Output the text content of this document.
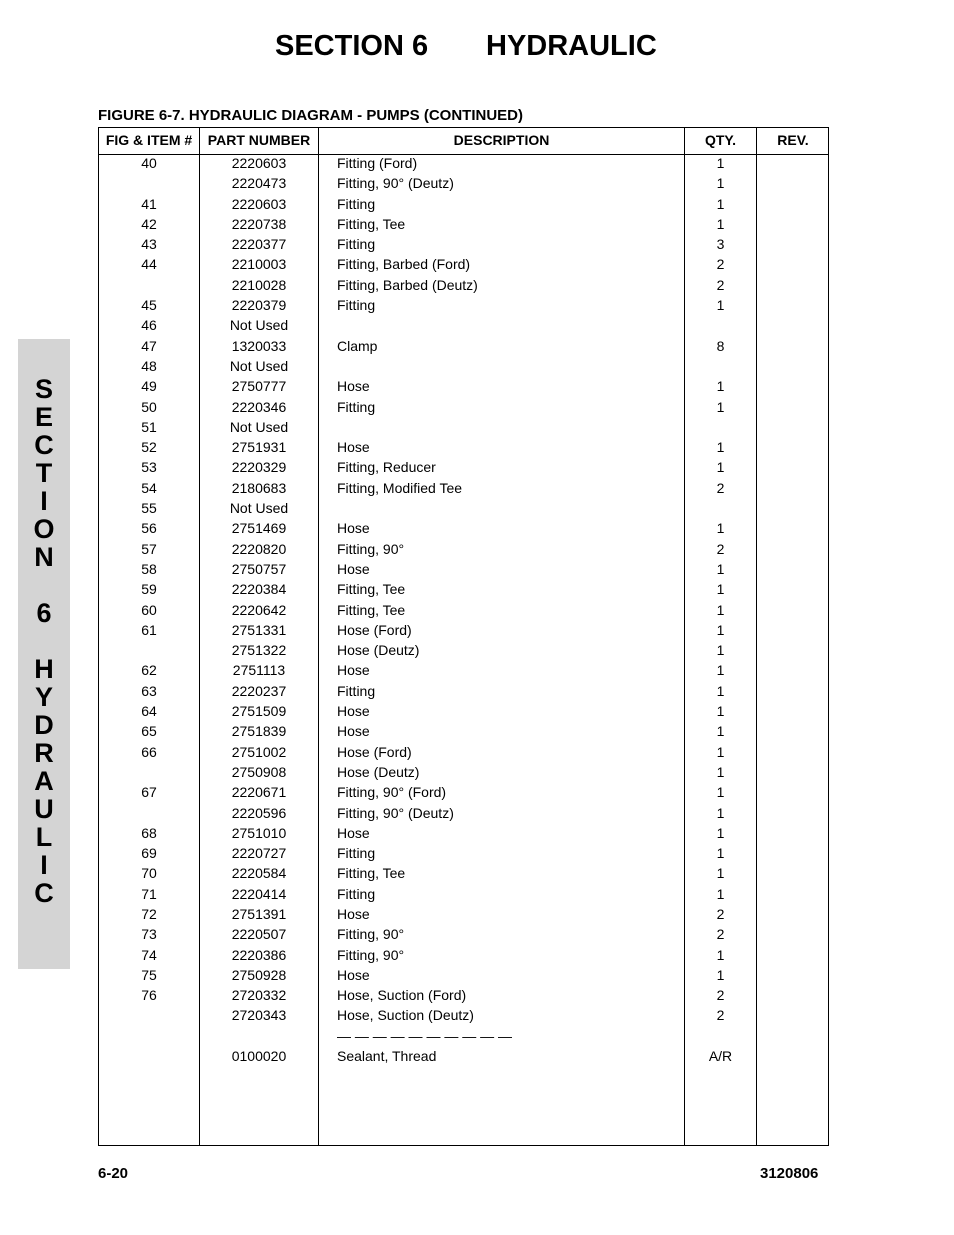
SECTION 6 HYDRAULIC
FIGURE 6-7. HYDRAULIC DIAGRAM - PUMPS (CONTINUED)
S
E
C
T
I
O
N
6
H
Y
D
R
A
U
L
I
C
FIG & ITEM #	PART NUMBER	DESCRIPTION	QTY.	REV.
40	2220603	Fitting (Ford)	1
2220473	Fitting, 90° (Deutz)	1
41	2220603	Fitting	1
42	2220738	Fitting, Tee	1
43	2220377	Fitting	3
44	2210003	Fitting, Barbed (Ford)	2
2210028	Fitting, Barbed (Deutz)	2
45	2220379	Fitting	1
46	Not Used
47	1320033	Clamp	8
48	Not Used
49	2750777	Hose	1
50	2220346	Fitting	1
51	Not Used
52	2751931	Hose	1
53	2220329	Fitting, Reducer	1
54	2180683	Fitting, Modified Tee	2
55	Not Used
56	2751469	Hose	1
57	2220820	Fitting, 90°	2
58	2750757	Hose	1
59	2220384	Fitting, Tee	1
60	2220642	Fitting, Tee	1
61	2751331	Hose (Ford)	1
2751322	Hose (Deutz)	1
62	2751113	Hose	1
63	2220237	Fitting	1
64	2751509	Hose	1
65	2751839	Hose	1
66	2751002	Hose (Ford)	1
2750908	Hose (Deutz)	1
67	2220671	Fitting, 90° (Ford)	1
2220596	Fitting, 90° (Deutz)	1
68	2751010	Hose	1
69	2220727	Fitting	1
70	2220584	Fitting, Tee	1
71	2220414	Fitting	1
72	2751391	Hose	2
73	2220507	Fitting, 90°	2
74	2220386	Fitting, 90°	1
75	2750928	Hose	1
76	2720332	Hose, Suction (Ford)	2
2720343	Hose, Suction (Deutz)	2
— — — — — — — — — —
0100020	Sealant, Thread	A/R
6-20	3120806
